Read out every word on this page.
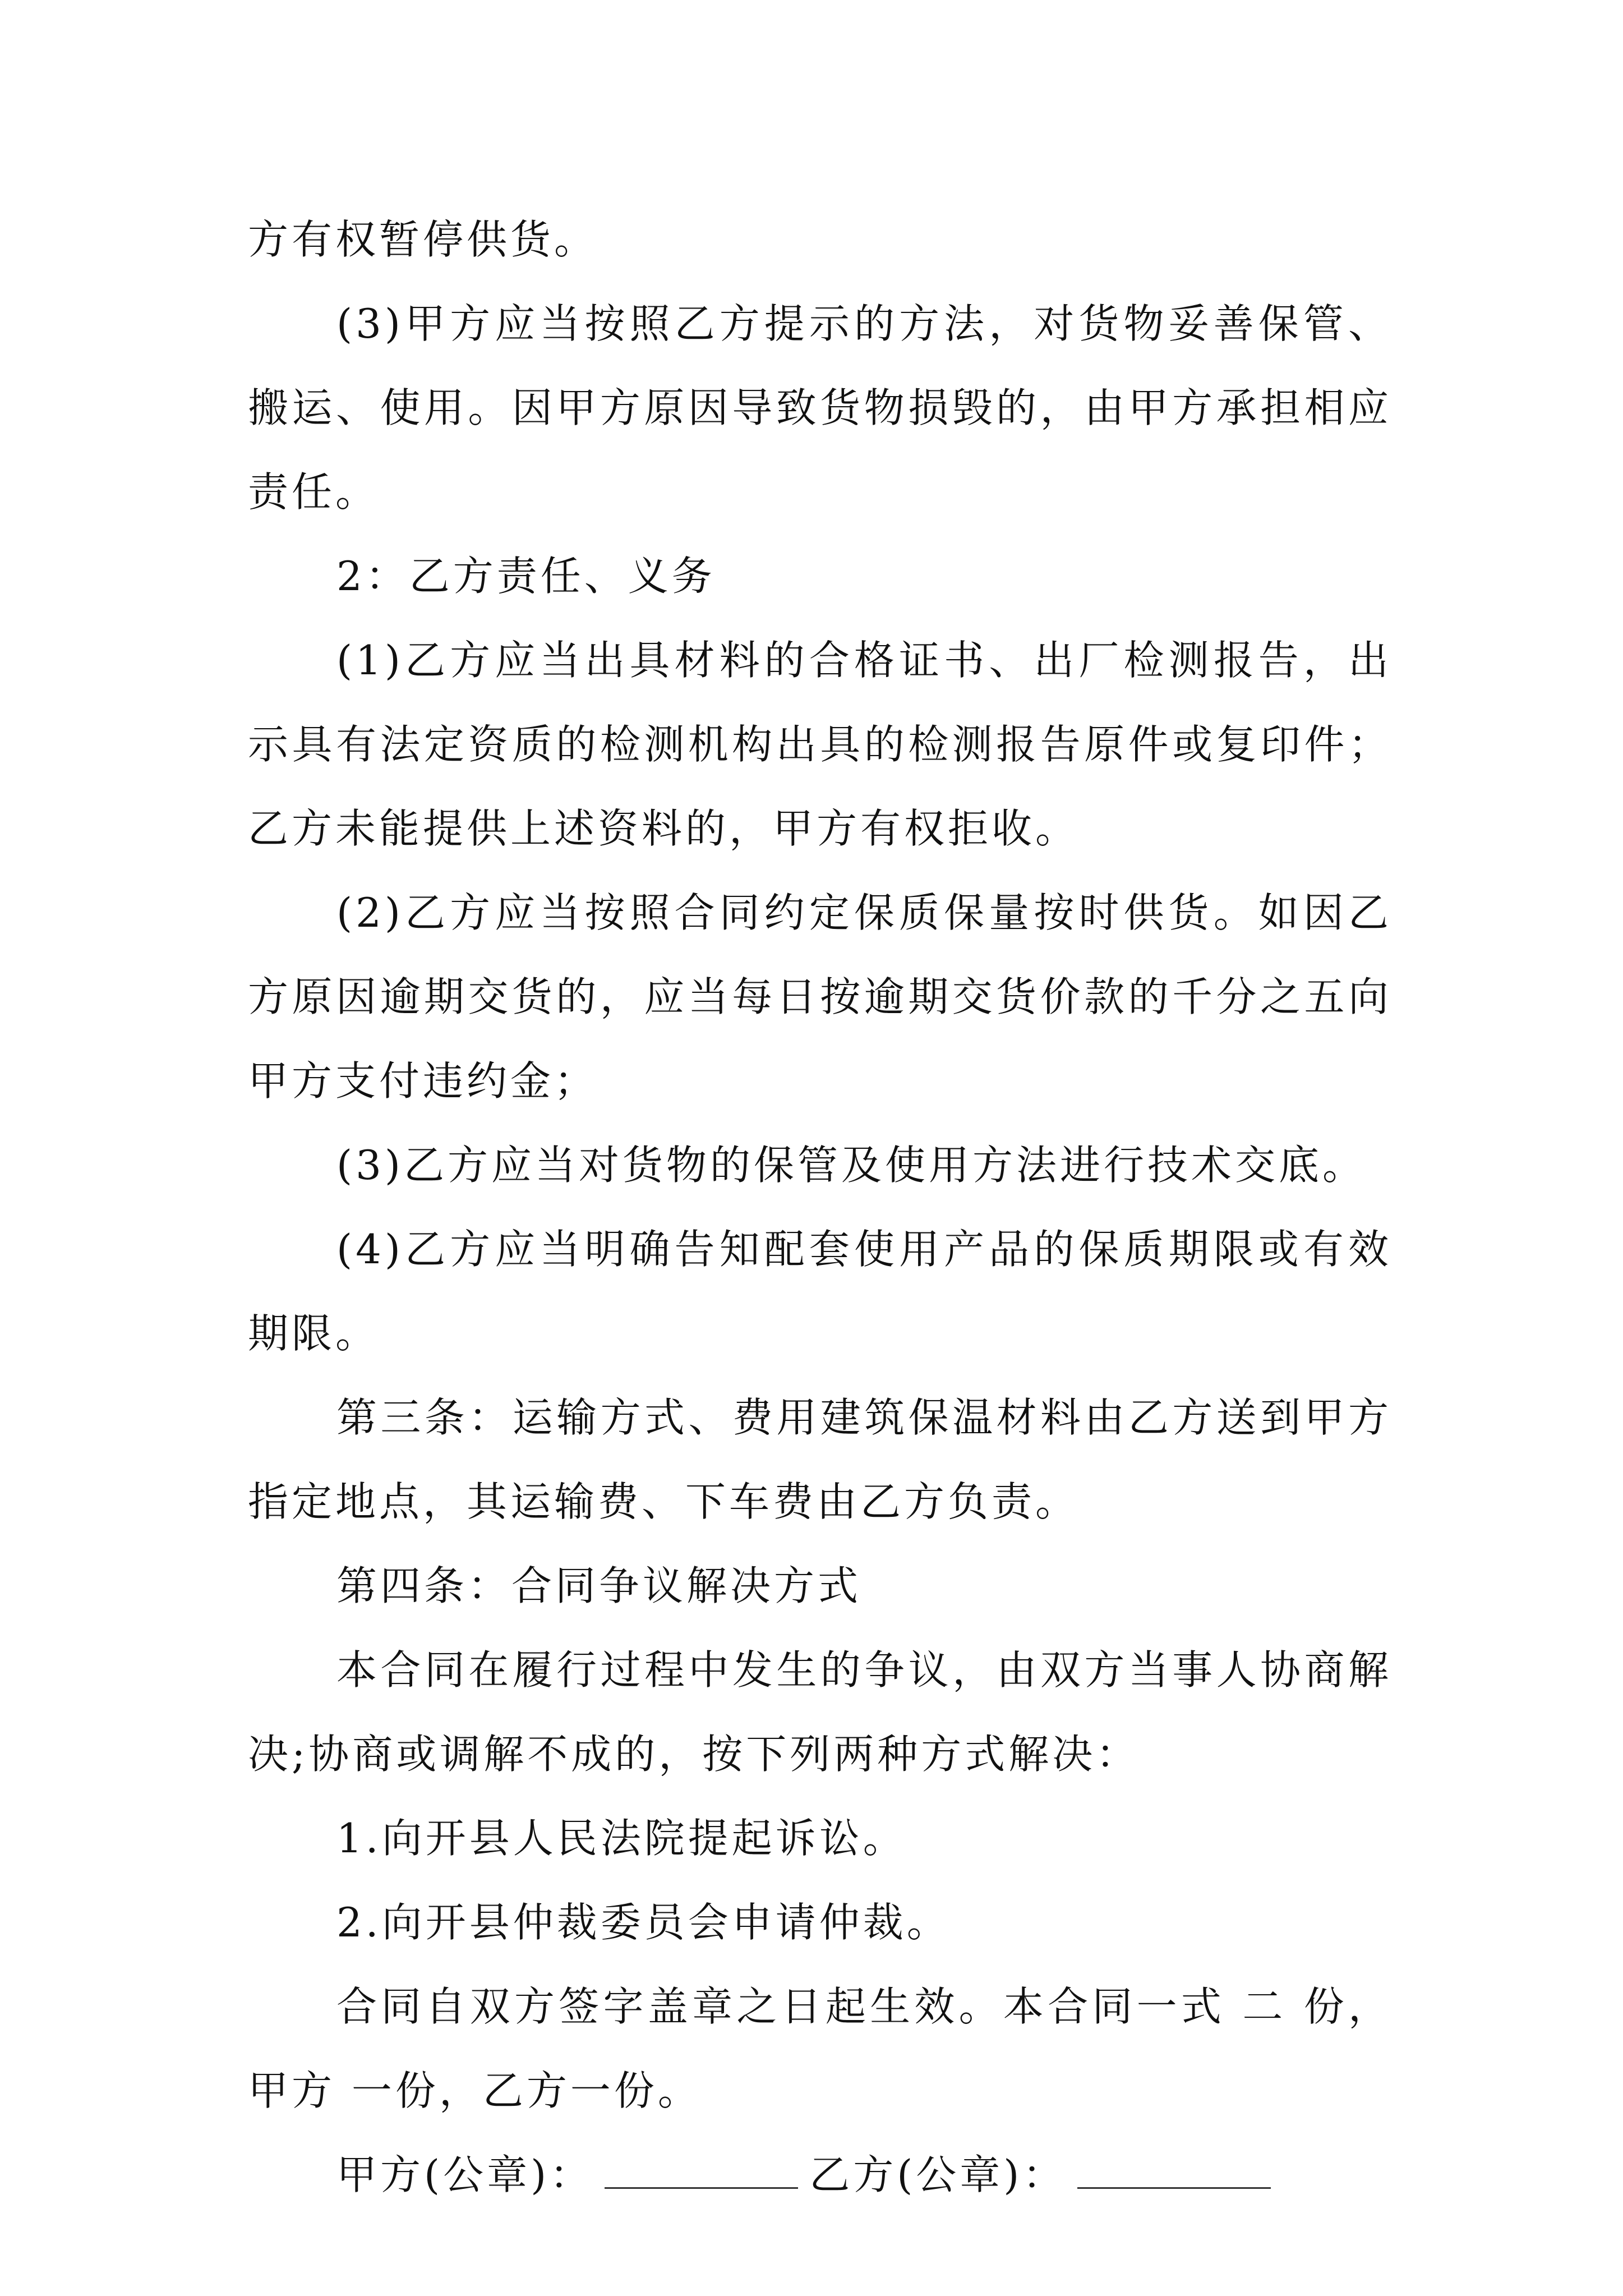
方有权暂停供货。

(3)甲方应当按照乙方提示的方法，对货物妥善保管、搬运、使用。因甲方原因导致货物损毁的，由甲方承担相应责任。

2：乙方责任、义务

(1)乙方应当出具材料的合格证书、出厂检测报告，出示具有法定资质的检测机构出具的检测报告原件或复印件；乙方未能提供上述资料的，甲方有权拒收。

(2)乙方应当按照合同约定保质保量按时供货。如因乙方原因逾期交货的，应当每日按逾期交货价款的千分之五向甲方支付违约金；

(3)乙方应当对货物的保管及使用方法进行技术交底。

(4)乙方应当明确告知配套使用产品的保质期限或有效期限。

第三条：运输方式、费用建筑保温材料由乙方送到甲方指定地点，其运输费、下车费由乙方负责。

第四条：合同争议解决方式

本合同在履行过程中发生的争议，由双方当事人协商解决;协商或调解不成的，按下列两种方式解决：

1.向开县人民法院提起诉讼。

2.向开县仲裁委员会申请仲裁。

合同自双方签字盖章之日起生效。本合同一式 二 份，甲方 一份，乙方一份。

甲方(公章)：	乙方(公章)：
